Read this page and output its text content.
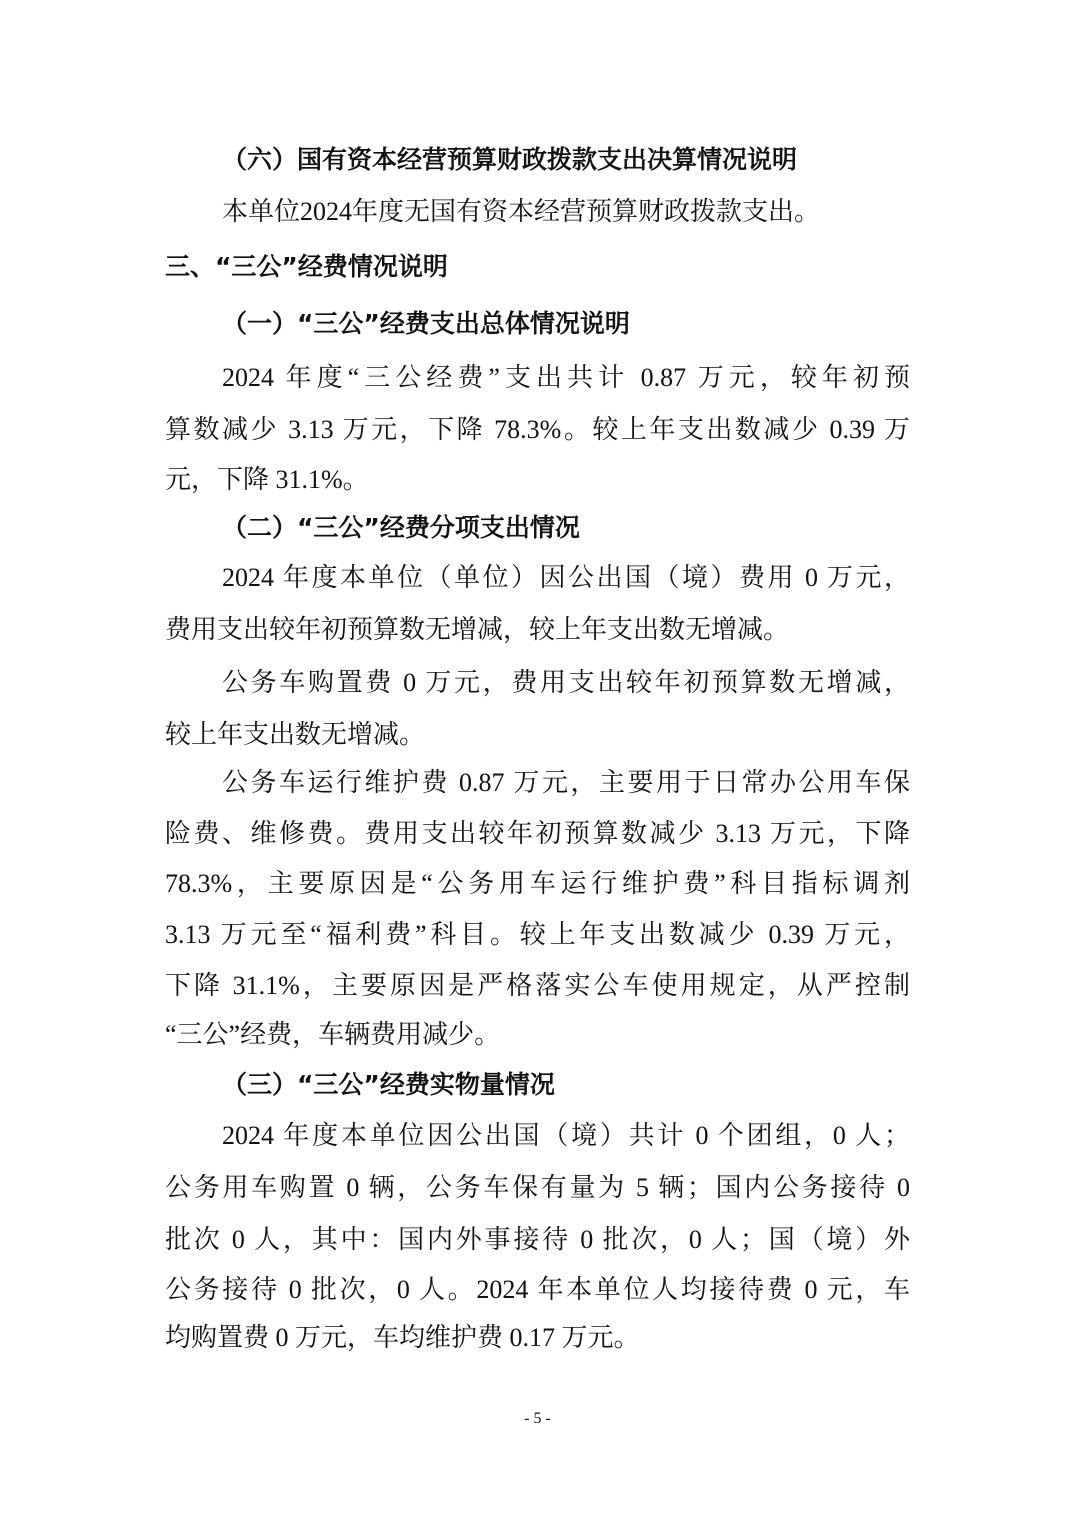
（六）国有资本经营预算财政拨款支出决算情况说明
本单位2024年度无国有资本经营预算财政拨款支出。
三、“三公”经费情况说明
（一）“三公”经费支出总体情况说明
2024 年度“三公经费”支出共计 0.87 万元，较年初预
算数减少 3.13 万元，下降 78.3%。较上年支出数减少 0.39 万
元，下降 31.1%。
（二）“三公”经费分项支出情况
2024 年度本单位（单位）因公出国（境）费用 0 万元，
费用支出较年初预算数无增减，较上年支出数无增减。
公务车购置费 0 万元，费用支出较年初预算数无增减，
较上年支出数无增减。
公务车运行维护费 0.87 万元，主要用于日常办公用车保
险费、维修费。费用支出较年初预算数减少 3.13 万元，下降
78.3%，主要原因是“公务用车运行维护费”科目指标调剂
3.13 万元至“福利费”科目。较上年支出数减少 0.39 万元，
下降 31.1%，主要原因是严格落实公车使用规定，从严控制
“三公”经费，车辆费用减少。
（三）“三公”经费实物量情况
2024 年度本单位因公出国（境）共计 0 个团组，0 人；
公务用车购置 0 辆，公务车保有量为 5 辆；国内公务接待 0
批次 0 人，其中：国内外事接待 0 批次，0 人；国（境）外
公务接待 0 批次，0 人。2024 年本单位人均接待费 0 元，车
均购置费 0 万元，车均维护费 0.17 万元。
- 5 -
